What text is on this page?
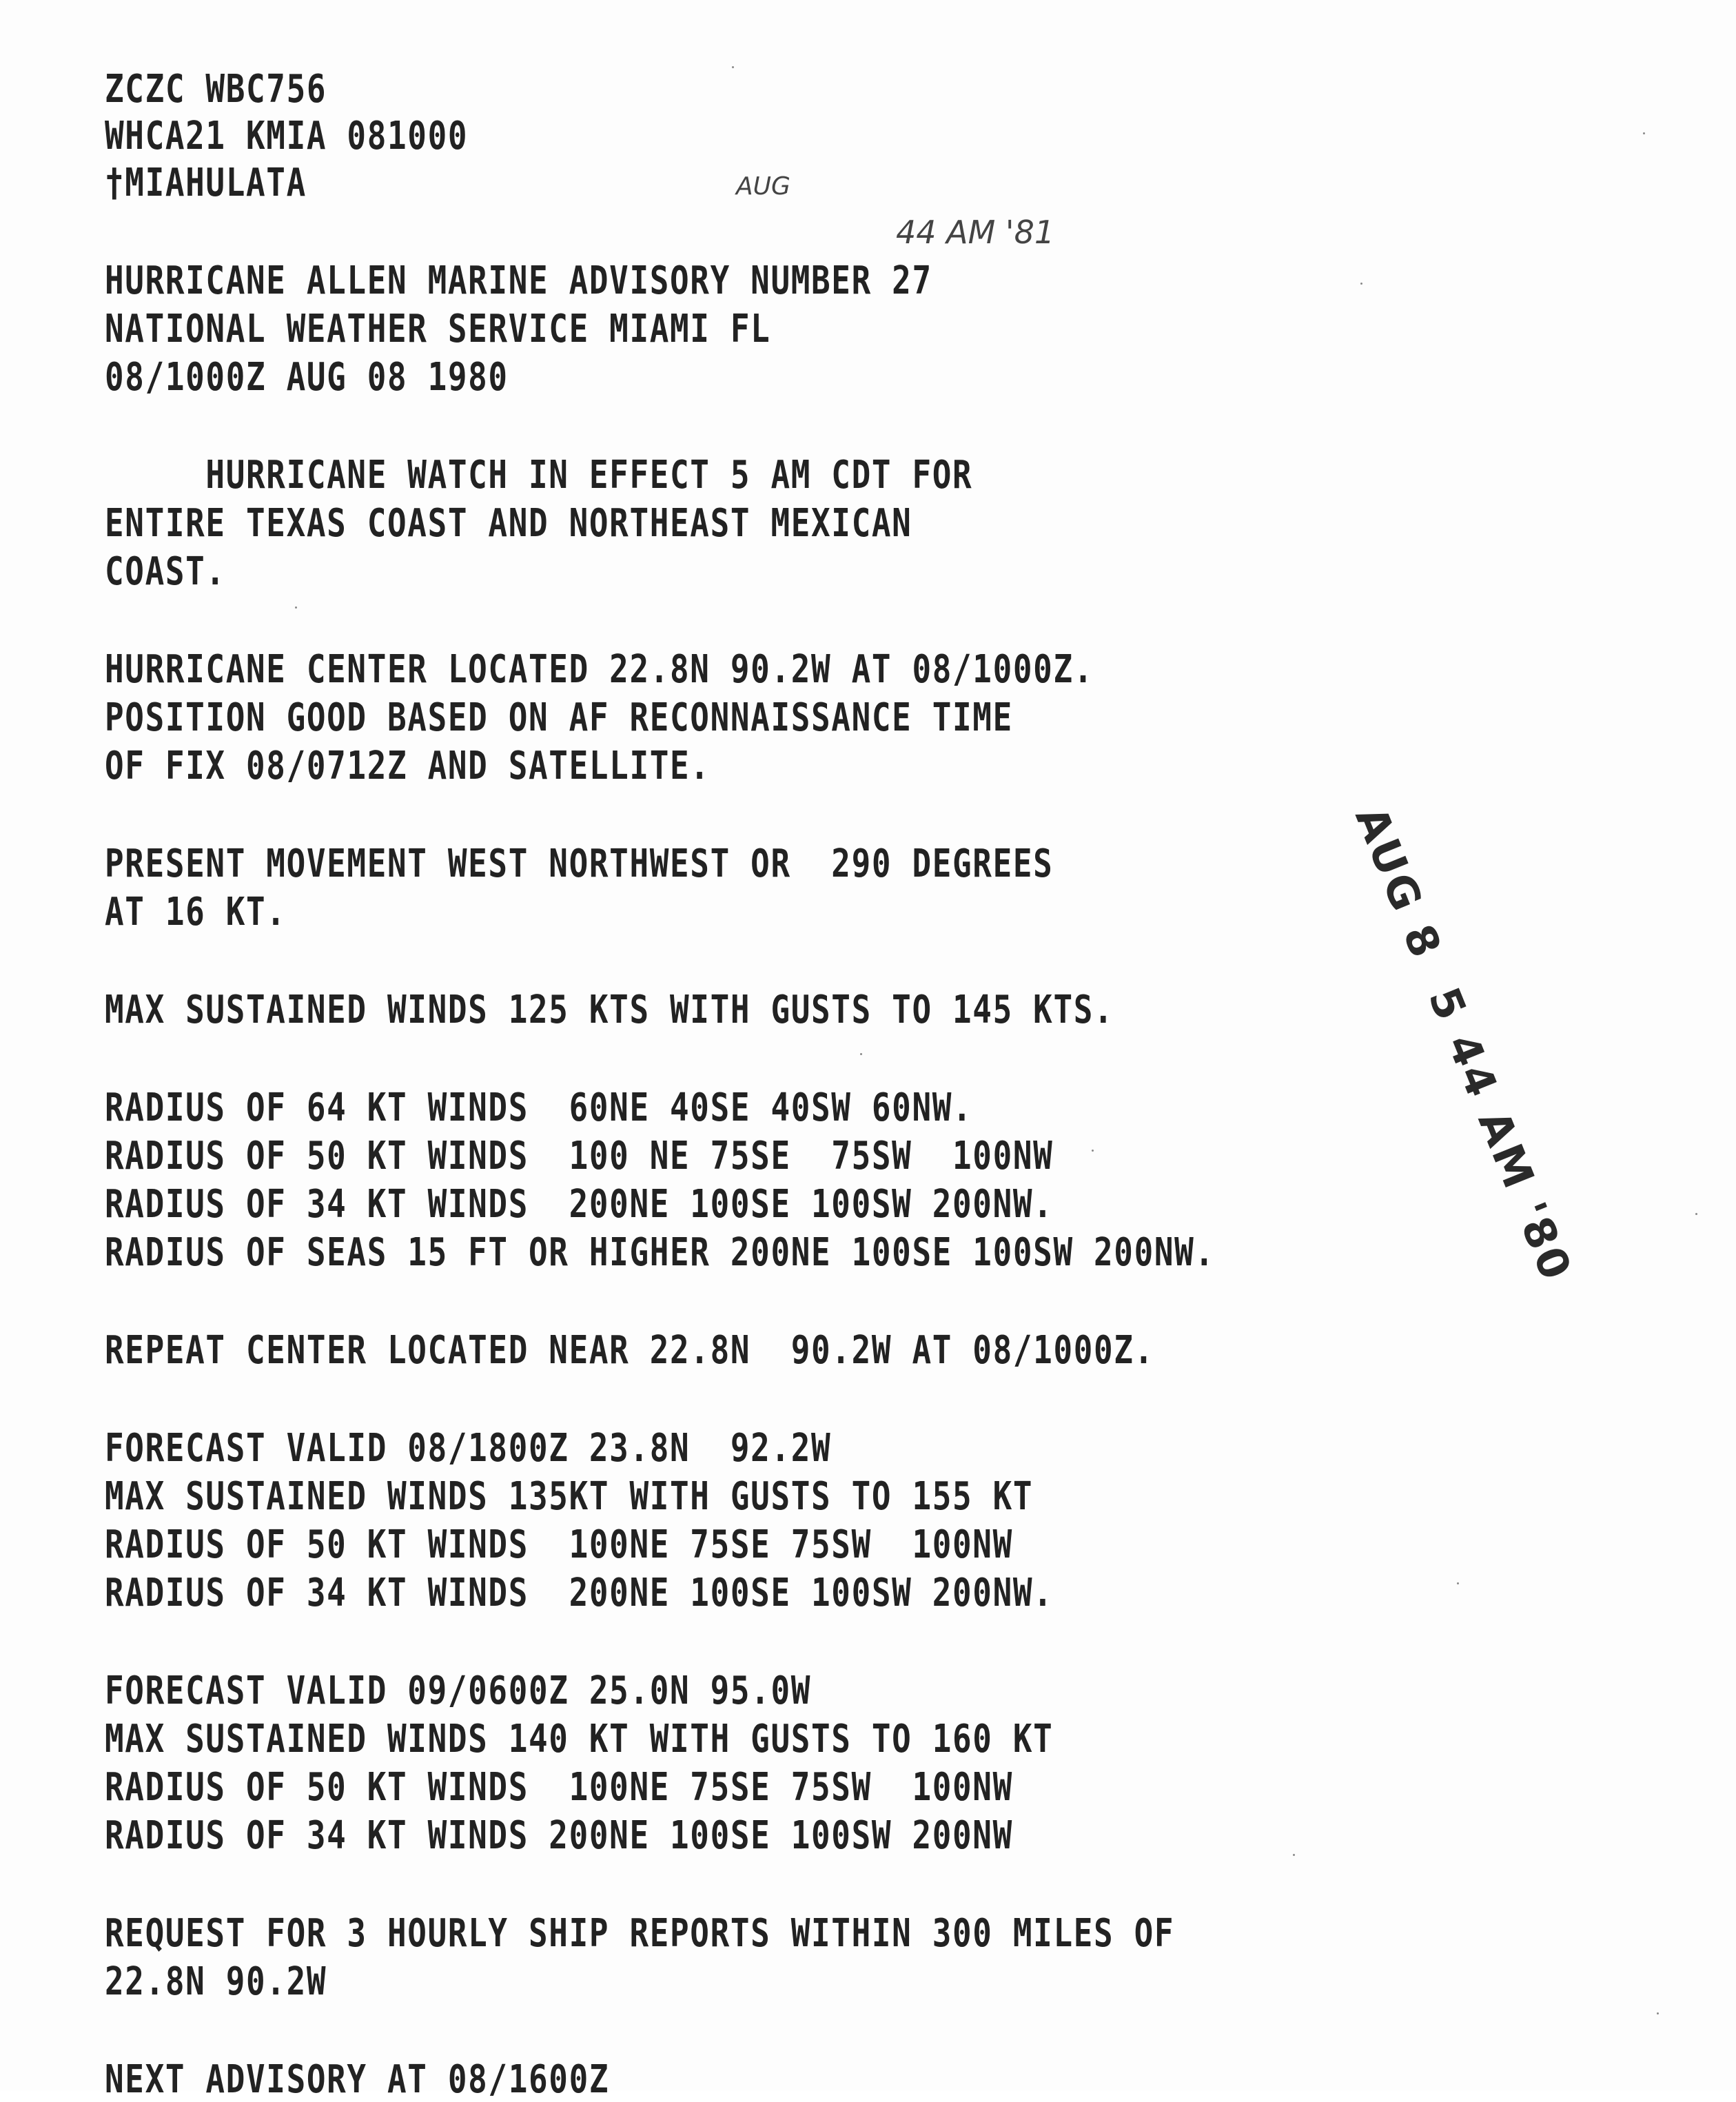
ZCZC WBC756
WHCA21 KMIA 081000
†MIAHULATA	AUG
44 AM '81
HURRICANE ALLEN MARINE ADVISORY NUMBER 27
NATIONAL WEATHER SERVICE MIAMI FL
08/1000Z AUG 08 1980
HURRICANE WATCH IN EFFECT 5 AM CDT FOR
ENTIRE TEXAS COAST AND NORTHEAST MEXICAN
COAST.
HURRICANE CENTER LOCATED 22.8N 90.2W AT 08/1000Z.
POSITION GOOD BASED ON AF RECONNAISSANCE TIME
OF FIX 08/0712Z AND SATELLITE.
PRESENT MOVEMENT WEST NORTHWEST OR  290 DEGREES
AT 16 KT.
MAX SUSTAINED WINDS 125 KTS WITH GUSTS TO 145 KTS.
RADIUS OF 64 KT WINDS  60NE 40SE 40SW 60NW.
RADIUS OF 50 KT WINDS  100 NE 75SE  75SW  100NW
RADIUS OF 34 KT WINDS  200NE 100SE 100SW 200NW.
RADIUS OF SEAS 15 FT OR HIGHER 200NE 100SE 100SW 200NW.
REPEAT CENTER LOCATED NEAR 22.8N  90.2W AT 08/1000Z.
FORECAST VALID 08/1800Z 23.8N  92.2W
MAX SUSTAINED WINDS 135KT WITH GUSTS TO 155 KT
RADIUS OF 50 KT WINDS  100NE 75SE 75SW  100NW
RADIUS OF 34 KT WINDS  200NE 100SE 100SW 200NW.
FORECAST VALID 09/0600Z 25.0N 95.0W
MAX SUSTAINED WINDS 140 KT WITH GUSTS TO 160 KT
RADIUS OF 50 KT WINDS  100NE 75SE 75SW  100NW
RADIUS OF 34 KT WINDS 200NE 100SE 100SW 200NW
REQUEST FOR 3 HOURLY SHIP REPORTS WITHIN 300 MILES OF
22.8N 90.2W
NEXT ADVISORY AT 08/1600Z
AUG 8  5 44 AM '80
